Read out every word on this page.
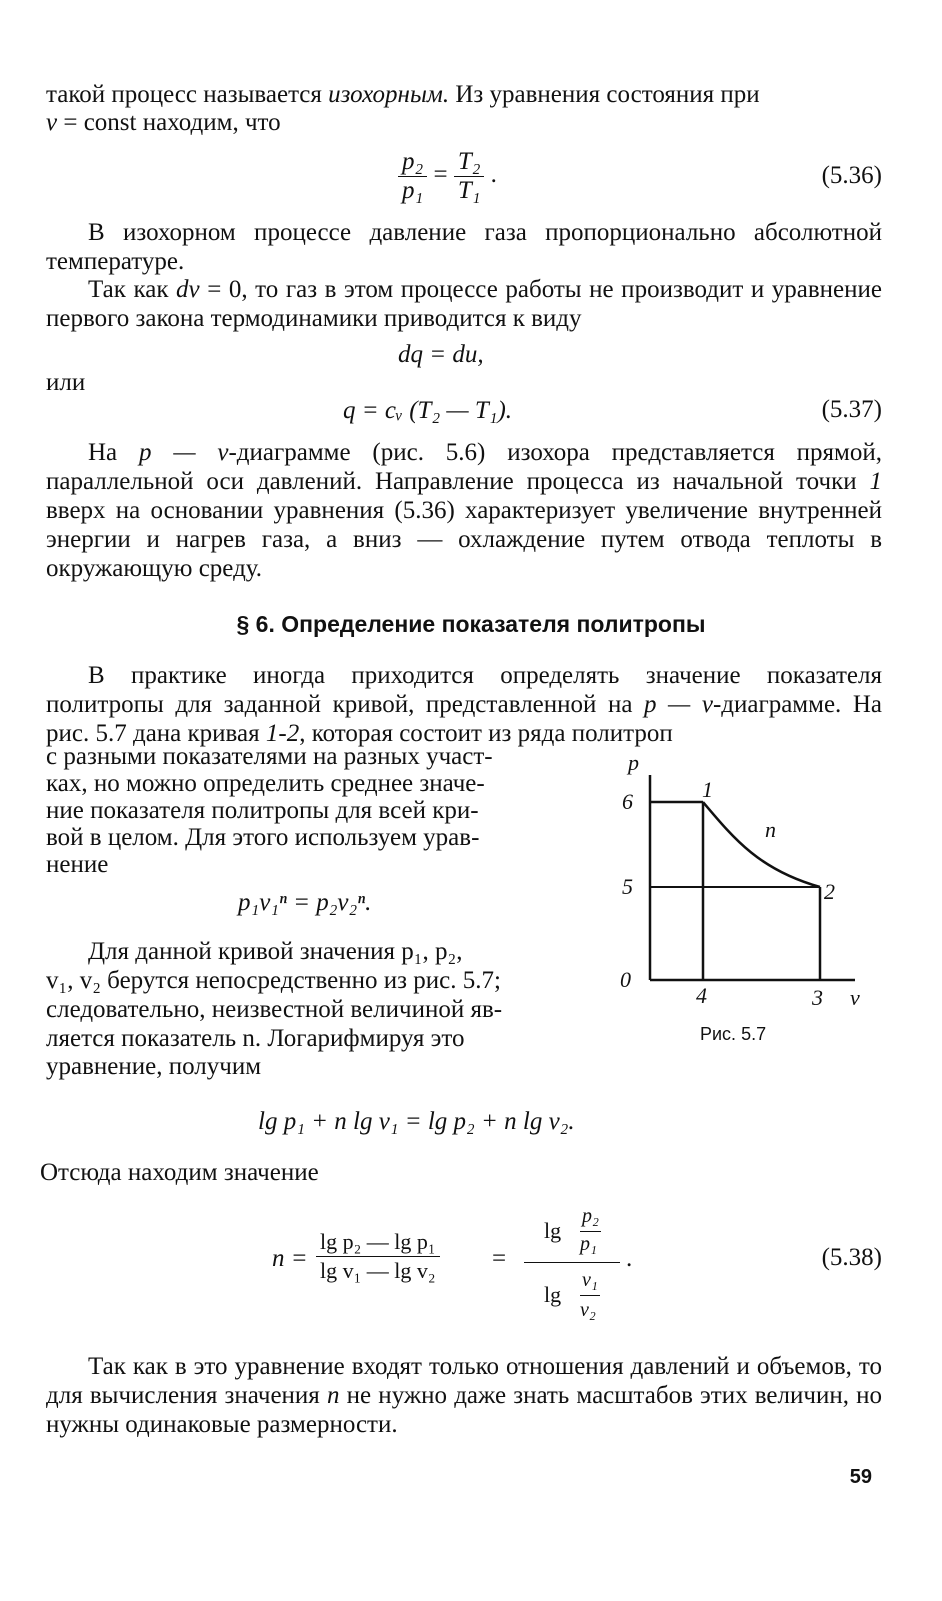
такой процесс называется изохорным. Из уравнения состояния при

v = const находим, что

$\frac{\text{p₂}}{\text{p₁}} = \frac{\text{T₂}}{\text{T₁}}$ .	(5.36)

В изохорном процессе давление газа пропорционально абсолютной температуре.

Так как dv = 0, то газ в этом процессе работы не производит и уравнение первого закона термодинамики приводится к виду

dq = du,

или

q = cᵥ (T₂ — T₁).	(5.37)

На p — v-диаграмме (рис. 5.6) изохора представляется прямой, параллельной оси давлений. Направление процесса из начальной точки 1 вверх на основании уравнения (5.36) характеризует увеличение внутренней энергии и нагрев газа, а вниз — охлаждение путем отвода теплоты в окружающую среду.

§ 6. Определение показателя политропы

В практике иногда приходится определять значение показателя политропы для заданной кривой, представленной на p — v-диаграмме. На рис. 5.7 дана кривая 1-2, которая состоит из ряда политроп

с разными показателями на разных участ-

ках, но можно определить среднее значе-

ние показателя политропы для всей кри-

вой в целом. Для этого используем урав-

нение

p₁v₁ⁿ = p₂v₂ⁿ.

Для данной кривой значения p₁, p₂,

v₁, v₂ берутся непосредственно из рис. 5.7;

следовательно, неизвестной величиной яв-

ляется показатель n. Логарифмируя это

уравнение, получим

p
6
5
0
4	3 v
1
2
n
Рис. 5.7

lg p₁ + n lg v₁ = lg p₂ + n lg v₂.

Отсюда находим значение

$n = \frac{\text{lg p₂ — lg p₁}}{\text{lg v₁ — lg v₂}}$ =
lg
p₂
p₁
lg
v₁
v₂
.	(5.38)

Так как в это уравнение входят только отношения давлений и объемов, то для вычисления значения n не нужно даже знать масштабов этих величин, но нужны одинаковые размерности.

59
